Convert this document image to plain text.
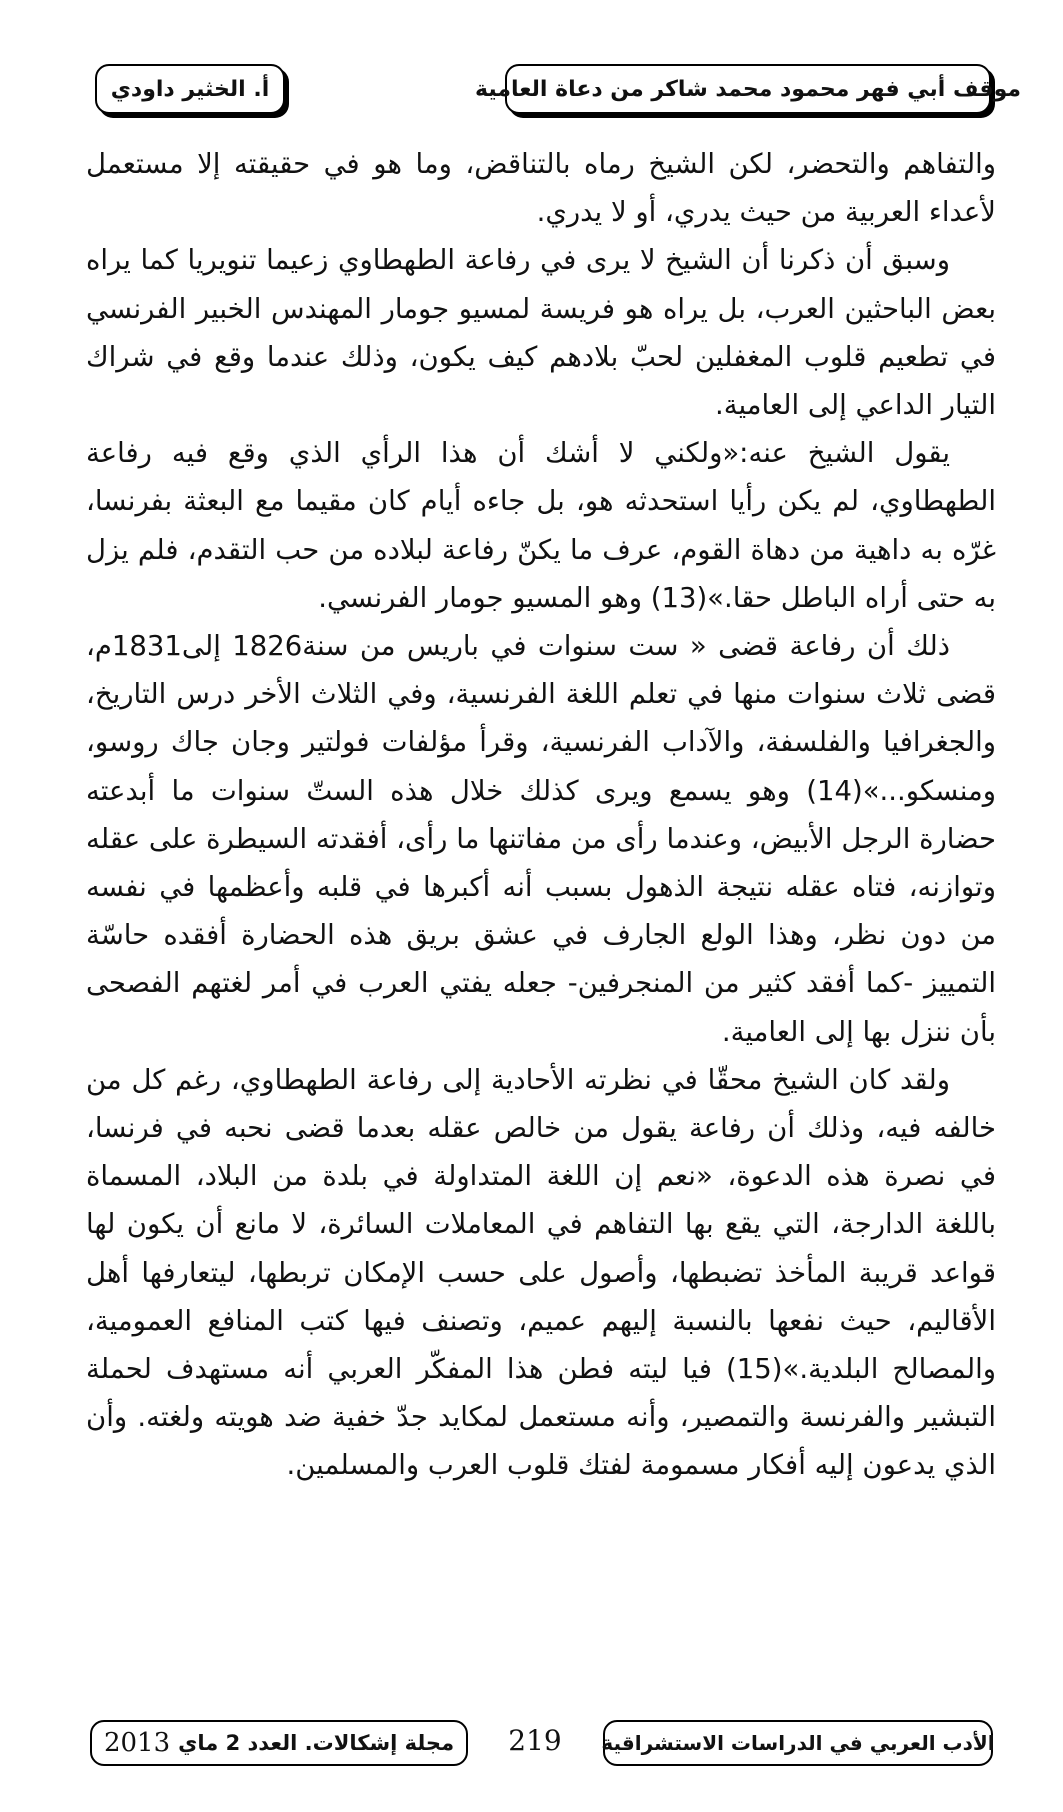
موقف أبي فهر محمود محمد شاكر من دعاة العامية
أ. الخثير داودي

والتفاهم والتحضر، لكن الشيخ رماه بالتناقض، وما هو في حقيقته إلا مستعمل لأعداء العربية من حيث يدري، أو لا يدري.

وسبق أن ذكرنا أن الشيخ لا يرى في رفاعة الطهطاوي زعيما تنويريا كما يراه بعض الباحثين العرب، بل يراه هو فريسة لمسيو جومار المهندس الخبير الفرنسي في تطعيم قلوب المغفلين لحبّ بلادهم كيف يكون، وذلك عندما وقع في شراك التيار الداعي إلى العامية.

يقول الشيخ عنه:«ولكني لا أشك أن هذا الرأي الذي وقع فيه رفاعة الطهطاوي، لم يكن رأيا استحدثه هو، بل جاءه أيام كان مقيما مع البعثة بفرنسا، غرّه به داهية من دهاة القوم، عرف ما يكنّ رفاعة لبلاده من حب التقدم، فلم يزل به حتى أراه الباطل حقا.»(13) وهو المسيو جومار الفرنسي.

ذلك أن رفاعة قضى « ست سنوات في باريس من سنة1826 إلى1831م، قضى ثلاث سنوات منها في تعلم اللغة الفرنسية، وفي الثلاث الأخر درس التاريخ، والجغرافيا والفلسفة، والآداب الفرنسية، وقرأ مؤلفات فولتير وجان جاك روسو، ومنسكو...»(14) وهو يسمع ويرى كذلك خلال هذه الستّ سنوات ما أبدعته حضارة الرجل الأبيض، وعندما رأى من مفاتنها ما رأى، أفقدته السيطرة على عقله وتوازنه، فتاه عقله نتيجة الذهول بسبب أنه أكبرها في قلبه وأعظمها في نفسه من دون نظر، وهذا الولع الجارف في عشق بريق هذه الحضارة أفقده حاسّة التمييز -كما أفقد كثير من المنجرفين- جعله يفتي العرب في أمر لغتهم الفصحى بأن ننزل بها إلى العامية.

ولقد كان الشيخ محقّا في نظرته الأحادية إلى رفاعة الطهطاوي، رغم كل من خالفه فيه، وذلك أن رفاعة يقول من خالص عقله بعدما قضى نحبه في فرنسا، في نصرة هذه الدعوة، «نعم إن اللغة المتداولة في بلدة من البلاد، المسماة باللغة الدارجة، التي يقع بها التفاهم في المعاملات السائرة، لا مانع أن يكون لها قواعد قريبة المأخذ تضبطها، وأصول على حسب الإمكان تربطها، ليتعارفها أهل الأقاليم، حيث نفعها بالنسبة إليهم عميم، وتصنف فيها كتب المنافع العمومية، والمصالح البلدية.»(15) فيا ليته فطن هذا المفكّر العربي أنه مستهدف لحملة التبشير والفرنسة والتمصير، وأنه مستعمل لمكايد جدّ خفية ضد هويته ولغته. وأن الذي يدعون إليه أفكار مسمومة لفتك قلوب العرب والمسلمين.

الأدب العربي في الدراسات الاستشراقية
219
مجلة إشكالات. العدد 2 ماي
2013
